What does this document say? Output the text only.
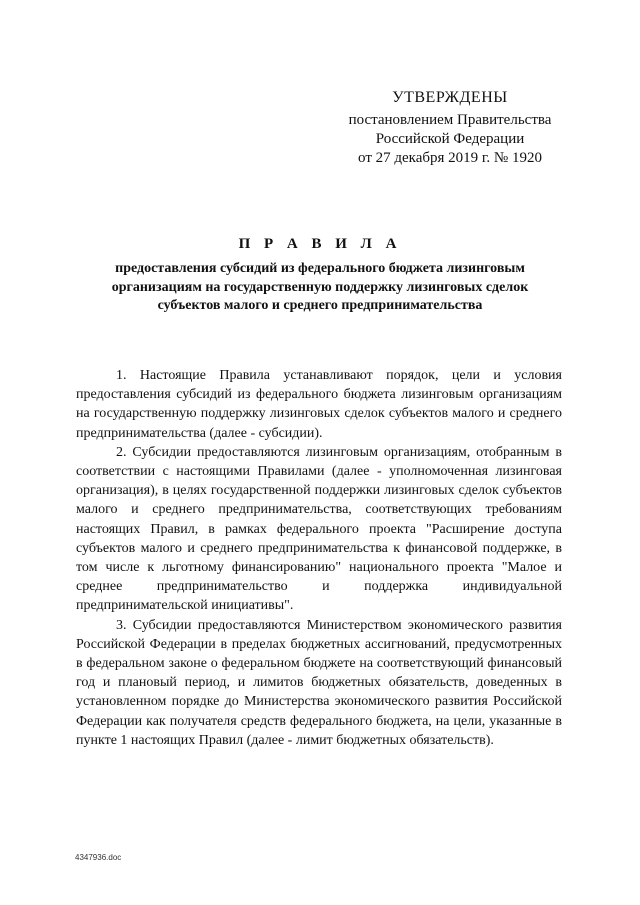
УТВЕРЖДЕНЫ
постановлением Правительства
Российской Федерации
от 27 декабря 2019 г. № 1920
П Р А В И Л А
предоставления субсидий из федерального бюджета лизинговым организациям на государственную поддержку лизинговых сделок субъектов малого и среднего предпринимательства

1. Настоящие Правила устанавливают порядок, цели и условия предоставления субсидий из федерального бюджета лизинговым организациям на государственную поддержку лизинговых сделок субъектов малого и среднего предпринимательства (далее - субсидии).

2. Субсидии предоставляются лизинговым организациям, отобранным в соответствии с настоящими Правилами (далее - уполномоченная лизинговая организация), в целях государственной поддержки лизинговых сделок субъектов малого и среднего предпринимательства, соответствующих требованиям настоящих Правил, в рамках федерального проекта "Расширение доступа субъектов малого и среднего предпринимательства к финансовой поддержке, в том числе к льготному финансированию" национального проекта "Малое и среднее предпринимательство и поддержка индивидуальной предпринимательской инициативы".

3. Субсидии предоставляются Министерством экономического развития Российской Федерации в пределах бюджетных ассигнований, предусмотренных в федеральном законе о федеральном бюджете на соответствующий финансовый год и плановый период, и лимитов бюджетных обязательств, доведенных в установленном порядке до Министерства экономического развития Российской Федерации как получателя средств федерального бюджета, на цели, указанные в пункте 1 настоящих Правил (далее - лимит бюджетных обязательств).

4347936.doc
